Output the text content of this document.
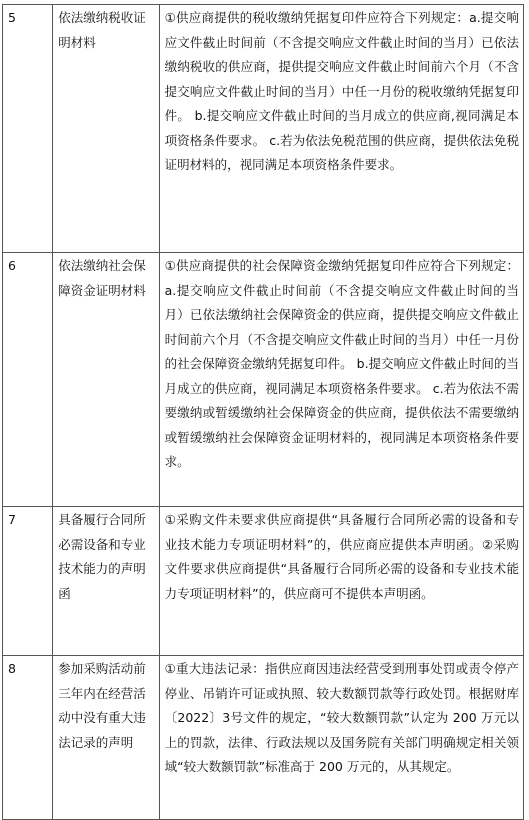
5	依法缴纳税收证明材料	①供应商提供的税收缴纳凭据复印件应符合下列规定：a.提交响应文件截止时间前（不含提交响应文件截止时间的当月）已依法缴纳税收的供应商，提供提交响应文件截止时间前六个月（不含提交响应文件截止时间的当月）中任一月份的税收缴纳凭据复印件。 b.提交响应文件截止时间的当月成立的供应商,视同满足本项资格条件要求。 c.若为依法免税范围的供应商，提供依法免税证明材料的，视同满足本项资格条件要求。
6	依法缴纳社会保障资金证明材料	①供应商提供的社会保障资金缴纳凭据复印件应符合下列规定： a.提交响应文件截止时间前（不含提交响应文件截止时间的当月）已依法缴纳社会保障资金的供应商，提供提交响应文件截止时间前六个月（不含提交响应文件截止时间的当月）中任一月份的社会保障资金缴纳凭据复印件。 b.提交响应文件截止时间的当月成立的供应商，视同满足本项资格条件要求。 c.若为依法不需要缴纳或暂缓缴纳社会保障资金的供应商，提供依法不需要缴纳或暂缓缴纳社会保障资金证明材料的，视同满足本项资格条件要求。
7	具备履行合同所必需设备和专业技术能力的声明函	①采购文件未要求供应商提供“具备履行合同所必需的设备和专业技术能力专项证明材料”的，供应商应提供本声明函。②采购文件要求供应商提供“具备履行合同所必需的设备和专业技术能力专项证明材料”的，供应商可不提供本声明函。
8	参加采购活动前三年内在经营活动中没有重大违法记录的声明	①重大违法记录：指供应商因违法经营受到刑事处罚或责令停产停业、吊销许可证或执照、较大数额罚款等行政处罚。根据财库〔2022〕3号文件的规定，“较大数额罚款”认定为 200 万元以上的罚款，法律、行政法规以及国务院有关部门明确规定相关领域“较大数额罚款”标准高于 200 万元的，从其规定。
